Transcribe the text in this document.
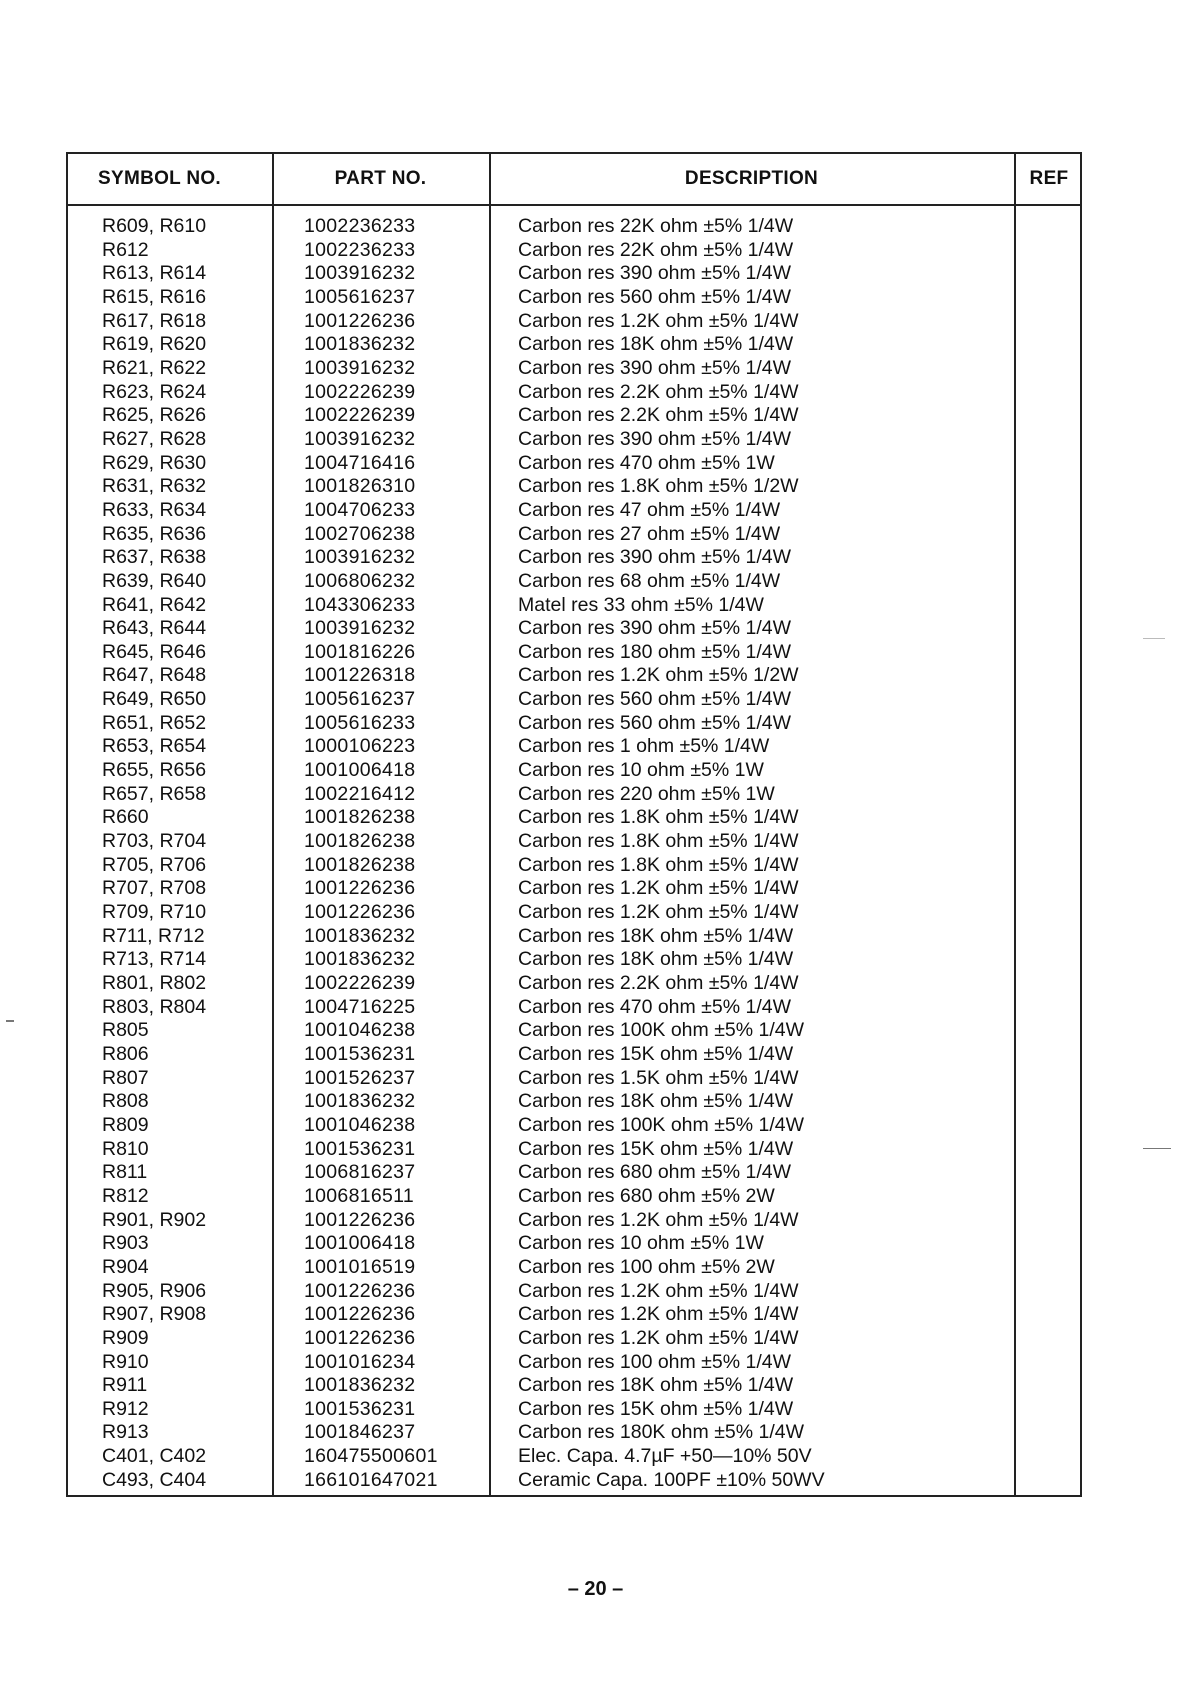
SYMBOL NO.	PART NO.	DESCRIPTION	REF
R609, R610	1002236233	Carbon res 22K ohm ±5% 1/4W
R612	1002236233	Carbon res 22K ohm ±5% 1/4W
R613, R614	1003916232	Carbon res 390 ohm ±5% 1/4W
R615, R616	1005616237	Carbon res 560 ohm ±5% 1/4W
R617, R618	1001226236	Carbon res 1.2K ohm ±5% 1/4W
R619, R620	1001836232	Carbon res 18K ohm ±5% 1/4W
R621, R622	1003916232	Carbon res 390 ohm ±5% 1/4W
R623, R624	1002226239	Carbon res 2.2K ohm ±5% 1/4W
R625, R626	1002226239	Carbon res 2.2K ohm ±5% 1/4W
R627, R628	1003916232	Carbon res 390 ohm ±5% 1/4W
R629, R630	1004716416	Carbon res 470 ohm ±5% 1W
R631, R632	1001826310	Carbon res 1.8K ohm ±5% 1/2W
R633, R634	1004706233	Carbon res 47 ohm ±5% 1/4W
R635, R636	1002706238	Carbon res 27 ohm ±5% 1/4W
R637, R638	1003916232	Carbon res 390 ohm ±5% 1/4W
R639, R640	1006806232	Carbon res 68 ohm ±5% 1/4W
R641, R642	1043306233	Matel res 33 ohm ±5% 1/4W
R643, R644	1003916232	Carbon res 390 ohm ±5% 1/4W
R645, R646	1001816226	Carbon res 180 ohm ±5% 1/4W
R647, R648	1001226318	Carbon res 1.2K ohm ±5% 1/2W
R649, R650	1005616237	Carbon res 560 ohm ±5% 1/4W
R651, R652	1005616233	Carbon res 560 ohm ±5% 1/4W
R653, R654	1000106223	Carbon res 1 ohm ±5% 1/4W
R655, R656	1001006418	Carbon res 10 ohm ±5% 1W
R657, R658	1002216412	Carbon res 220 ohm ±5% 1W
R660	1001826238	Carbon res 1.8K ohm ±5% 1/4W
R703, R704	1001826238	Carbon res 1.8K ohm ±5% 1/4W
R705, R706	1001826238	Carbon res 1.8K ohm ±5% 1/4W
R707, R708	1001226236	Carbon res 1.2K ohm ±5% 1/4W
R709, R710	1001226236	Carbon res 1.2K ohm ±5% 1/4W
R711, R712	1001836232	Carbon res 18K ohm ±5% 1/4W
R713, R714	1001836232	Carbon res 18K ohm ±5% 1/4W
R801, R802	1002226239	Carbon res 2.2K ohm ±5% 1/4W
R803, R804	1004716225	Carbon res 470 ohm ±5% 1/4W
R805	1001046238	Carbon res 100K ohm ±5% 1/4W
R806	1001536231	Carbon res 15K ohm ±5% 1/4W
R807	1001526237	Carbon res 1.5K ohm ±5% 1/4W
R808	1001836232	Carbon res 18K ohm ±5% 1/4W
R809	1001046238	Carbon res 100K ohm ±5% 1/4W
R810	1001536231	Carbon res 15K ohm ±5% 1/4W
R811	1006816237	Carbon res 680 ohm ±5% 1/4W
R812	1006816511	Carbon res 680 ohm ±5% 2W
R901, R902	1001226236	Carbon res 1.2K ohm ±5% 1/4W
R903	1001006418	Carbon res 10 ohm ±5% 1W
R904	1001016519	Carbon res 100 ohm ±5% 2W
R905, R906	1001226236	Carbon res 1.2K ohm ±5% 1/4W
R907, R908	1001226236	Carbon res 1.2K ohm ±5% 1/4W
R909	1001226236	Carbon res 1.2K ohm ±5% 1/4W
R910	1001016234	Carbon res 100 ohm ±5% 1/4W
R911	1001836232	Carbon res 18K ohm ±5% 1/4W
R912	1001536231	Carbon res 15K ohm ±5% 1/4W
R913	1001846237	Carbon res 180K ohm ±5% 1/4W
C401, C402	160475500601	Elec. Capa. 4.7µF +50—10% 50V
C493, C404	166101647021	Ceramic Capa. 100PF ±10% 50WV
– 20 –
